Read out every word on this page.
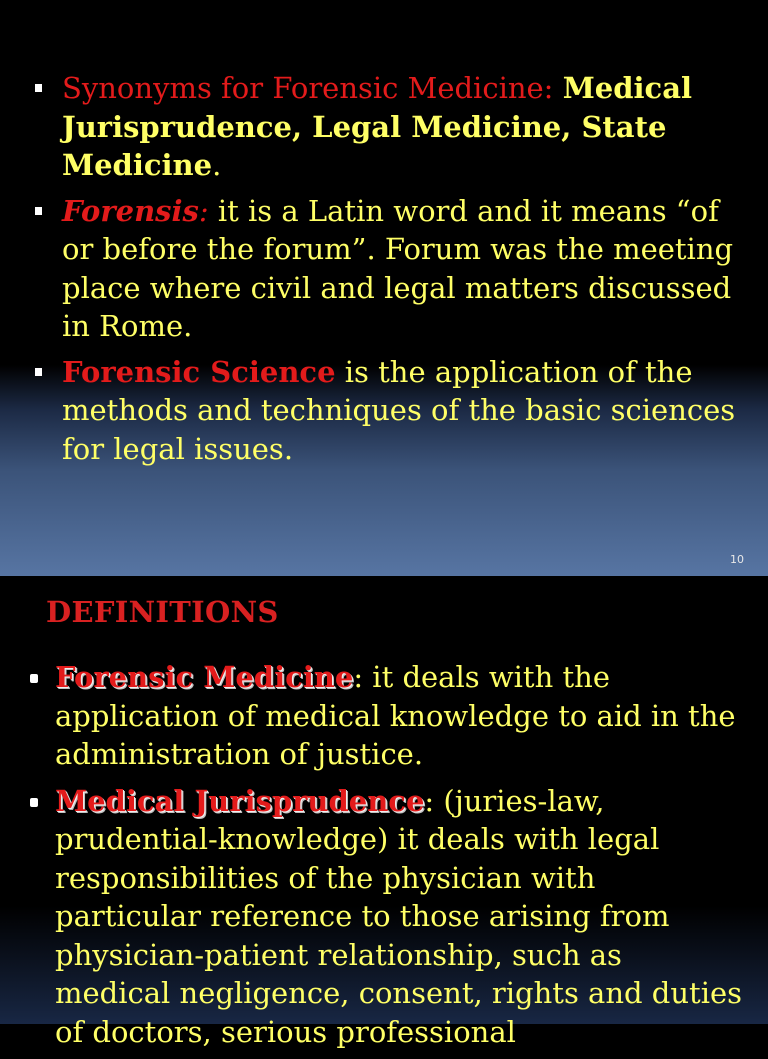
Synonyms for Forensic Medicine: Medical Jurisprudence, Legal Medicine, State Medicine.
Forensis: it is a Latin word and it means “of or before the forum”. Forum was the meeting place where civil and legal matters discussed in Rome.
Forensic Science is the application of the methods and techniques of the basic sciences for legal issues.
10
DEFINITIONS
Forensic Medicine: it deals with the application of medical knowledge to aid in the administration of justice.
Medical Jurisprudence: (juries-law, prudential-knowledge) it deals with legal responsibilities of the physician with particular reference to those arising from physician-patient relationship, such as medical negligence, consent, rights and duties of doctors, serious professional
